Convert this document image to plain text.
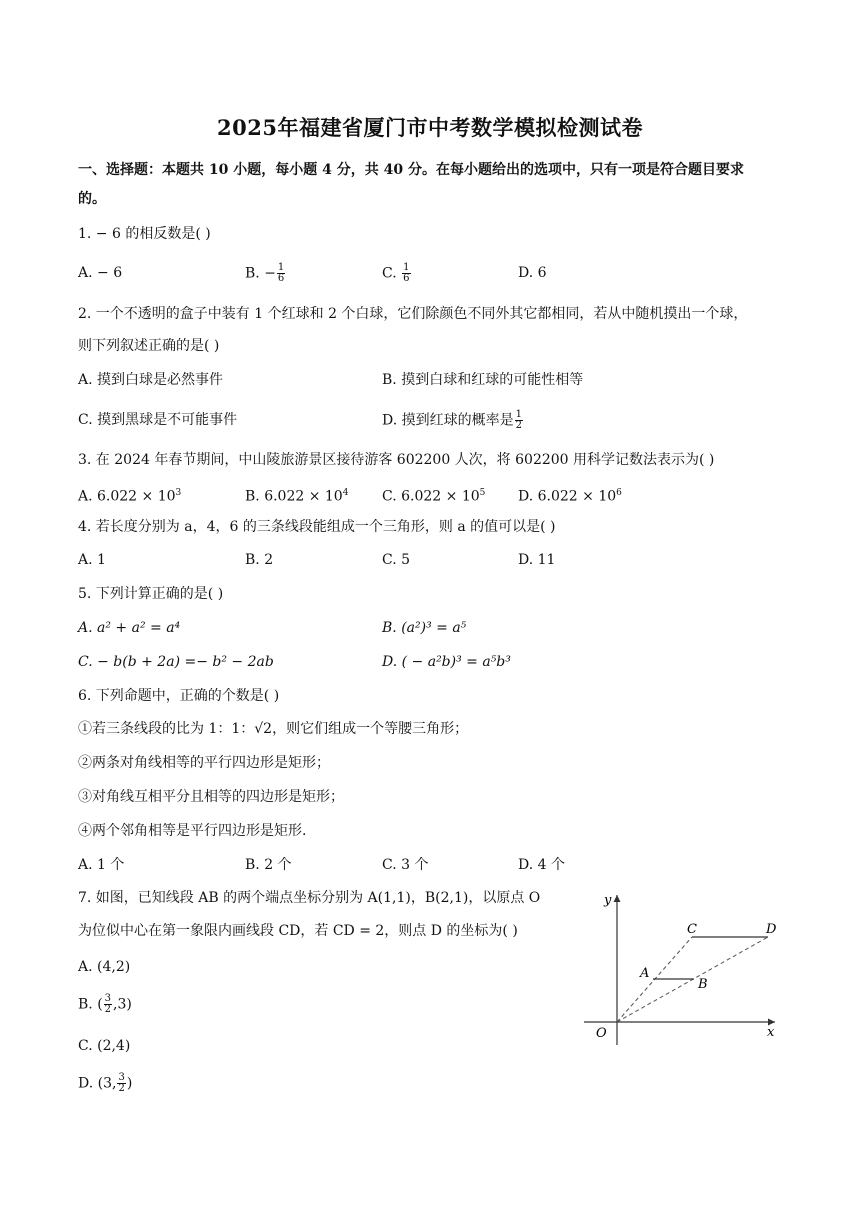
2025年福建省厦门市中考数学模拟检测试卷
一、选择题：本题共 10 小题，每小题 4 分，共 40 分。在每小题给出的选项中，只有一项是符合题目要求
的。
1. − 6 的相反数是( )
A. − 6	B. − $\frac{1}{6}$	C. $\frac{1}{6}$	D. 6
2. 一个不透明的盒子中装有 1 个红球和 2 个白球，它们除颜色不同外其它都相同，若从中随机摸出一个球，
则下列叙述正确的是( )
A. 摸到白球是必然事件	B. 摸到白球和红球的可能性相等
C. 摸到黑球是不可能事件	D. 摸到红球的概率是 $\frac{1}{2}$
3. 在 2024 年春节期间，中山陵旅游景区接待游客 602200 人次，将 602200 用科学记数法表示为( )
A. $6.022 \times 10^3$	B. $6.022 \times 10^4$ C. $6.022 \times 10^5$ D. $6.022 \times 10^6$
4. 若长度分别为 a，4，6 的三条线段能组成一个三角形，则 a 的值可以是( )
A. 1	B. 2	C. 5	D. 11
5. 下列计算正确的是( )
A. a² + a² = a⁴	B. (a²)³ = a⁵
C. − b(b + 2a) =− b² − 2ab	D. ( − a²b)³ = a⁵b³
6. 下列命题中，正确的个数是( )
①若三条线段的比为 1：1：√2，则它们组成一个等腰三角形；
②两条对角线相等的平行四边形是矩形；
③对角线互相平分且相等的四边形是矩形；
④两个邻角相等是平行四边形是矩形.
A. 1 个	B. 2 个	C. 3 个	D. 4 个
7. 如图，已知线段 AB 的两个端点坐标分别为 A(1,1)，B(2,1)，以原点 O
为位似中心在第一象限内画线段 CD，若 CD = 2，则点 D 的坐标为( )
A. (4,2)
B. ( $\frac{3}{2} ,3$)
C. (2,4)
D. (3, $\frac{3}{2}$ )
y
x
O
A
B
C	D
